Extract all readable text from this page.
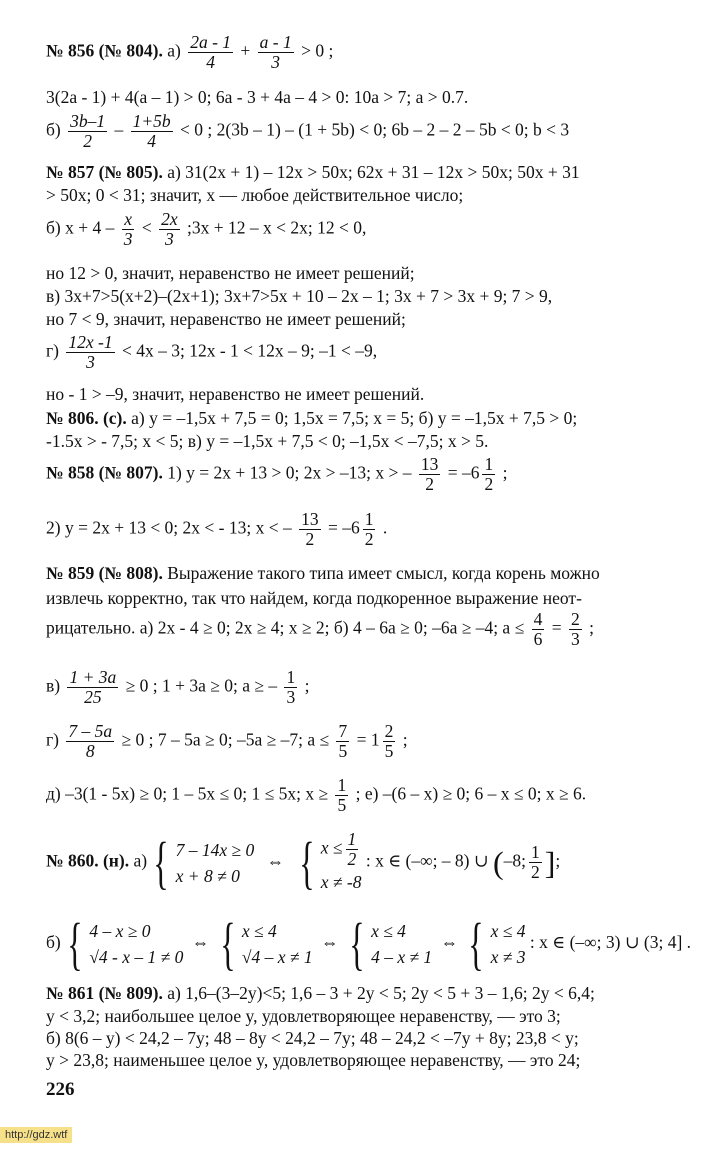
№ 856 (№ 804). $а) \frac{2a - 1}{4} + \frac{a - 1}{3} > 0$ ;
3(2a - 1) + 4(a – 1) > 0; 6a - 3 + 4a – 4 > 0: 10a > 7; a > 0.7.
$б) \frac{3b-1}{2} - \frac{1+5b}{4} < 0$ ; 2(3b – 1) – (1 + 5b) < 0; 6b – 2 – 2 – 5b < 0; b < 3
№ 857 (№ 805). а) 31(2x + 1) – 12x > 50x; 62x + 31 – 12x > 50x; 50x + 31
> 50x; 0 < 31; значит, x — любое действительное число;
б) $x + 4 - \frac{x}{3} < \frac{2x}{3}$ ;3x + 12 – x < 2x; 12 < 0,
но 12 > 0, значит, неравенство не имеет решений;
в) 3x+7>5(x+2)–(2x+1); 3x+7>5x + 10 – 2x – 1; 3x + 7 > 3x + 9; 7 > 9,
но 7 < 9, значит, неравенство не имеет решений;
$г) \frac{12x -1}{3} < 4x - 3$; 12x - 1 < 12x – 9; –1 < –9,
но - 1 > –9, значит, неравенство не имеет решений.
№ 806. (с). а) y = –1,5x + 7,5 = 0; 1,5x = 7,5; x = 5; б) y = –1,5x + 7,5 > 0;
-1.5x > - 7,5; x < 5; в) y = –1,5x + 7,5 < 0; –1,5x < –7,5; x > 5.
№ 858 (№ 807). 1) y = 2x + 13 > 0; 2x > –13; x > – $\frac{13}{2} = -6 \frac{1}{2}$ ;
2) y = 2x + 13 < 0; 2x < - 13; x < – $\frac{13}{2} = -6 \frac{1}{2}$ .
№ 859 (№ 808). Выражение такого типа имеет смысл, когда корень можно
извлечь корректно, так что найдем, когда подкоренное выражение неот-
рицательно. а) 2x - 4 ≥ 0; 2x ≥ 4; x ≥ 2; б) 4 – 6a ≥ 0; –6a ≥ –4; $a \le \frac{4}{6} = \frac{2}{3}$ ;
$в) \frac{1 + 3a}{25} \ge 0$ ; 1 + 3a ≥ 0; a ≥ – $\frac{1}{3}$ ;
$г) \frac{7 - 5a}{8} \ge 0$ ; 7 – 5a ≥ 0; –5a ≥ –7; $a \le \frac{7}{5} = 1 \frac{2}{5}$ ;
д) –3(1 - 5x) ≥ 0; 1 – 5x ≤ 0; 1 ≤ 5x; $x \ge \frac{1}{5}$ ; е) –(6 – x) ≥ 0; 6 – x ≤ 0; x ≥ 6.
№ 860. (н). а) { 7 – 14x ≥ 0
x + 8 ≠ 0
⇔ { $x \le \frac{1}{2}$
x ≠ -8
: x ∈ (–∞; – 8) ∪ (–8; $\frac{1}{2}$ ];
б) { 4 – x ≥ 0
√4 - x – 1 ≠ 0
⇔ { x ≤ 4
√4 – x ≠ 1
⇔ { x ≤ 4
4 – x ≠ 1
⇔ { x ≤ 4
x ≠ 3
: x ∈ (–∞; 3) ∪ (3; 4] .
№ 861 (№ 809). а) 1,6–(3–2y)<5; 1,6 – 3 + 2y < 5; 2y < 5 + 3 – 1,6; 2y < 6,4;
y < 3,2; наибольшее целое y, удовлетворяющее неравенству, — это 3;
б) 8(6 – y) < 24,2 – 7y; 48 – 8y < 24,2 – 7y; 48 – 24,2 < –7y + 8y; 23,8 < y;
y > 23,8; наименьшее целое y, удовлетворяющее неравенству, — это 24;
226
http://gdz.wtf
